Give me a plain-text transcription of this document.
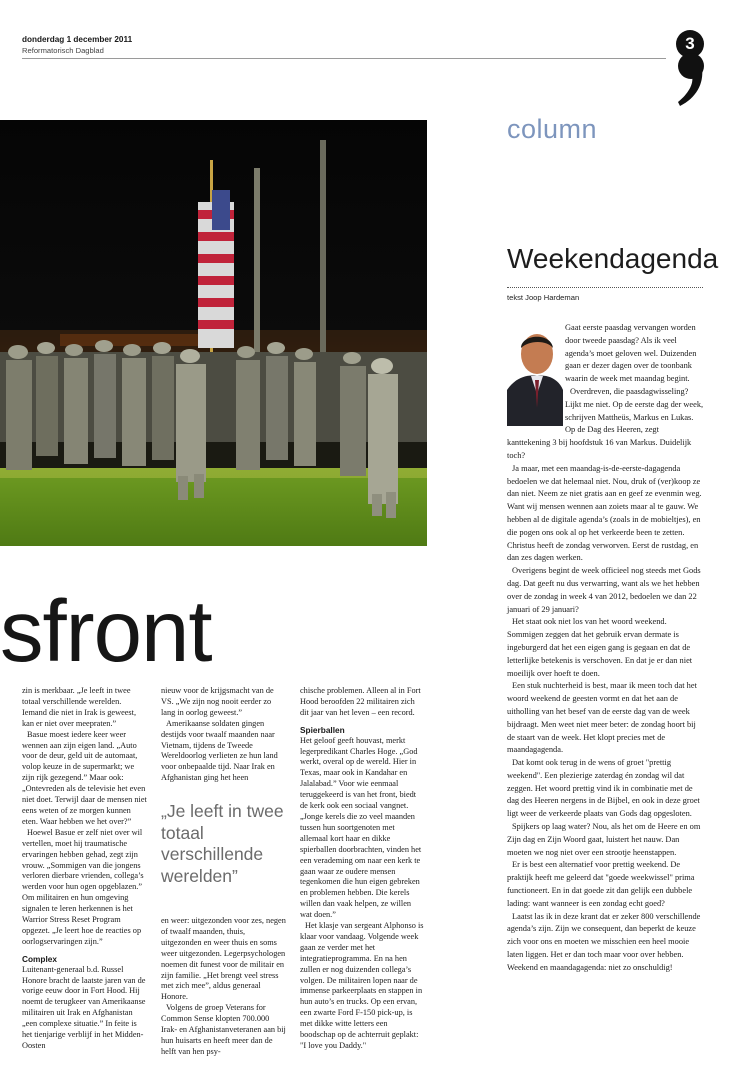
donderdag 1 december 2011
Reformatorisch Dagblad	3
column
Weekendagenda
tekst Joop Hardeman

Gaat eerste paasdag vervangen worden door tweede paasdag? Als ik veel agenda’s moet geloven wel. Duizenden gaan er dezer dagen over de toonbank waarin de week met maandag begint.

Overdreven, die paasdagwisseling? Lijkt me niet. Op de eerste dag der week, schrijven Mattheüs, Markus en Lukas. Op de Dag des Heeren, zegt kanttekening 3 bij hoofdstuk 16 van Markus. Duidelijk toch?

Ja maar, met een maandag-is-de-eerste-dagagenda bedoelen we dat helemaal niet. Nou, druk of (ver)koop ze dan niet. Neem ze niet gratis aan en geef ze evenmin weg. Want wij mensen wennen aan zoiets maar al te gauw. We hebben al de digitale agenda’s (zoals in de mobieltjes), en die pogen ons ook al op het verkeerde been te zetten. Christus heeft de zondag verworven. Eerst de rustdag, en dan zes dagen werken.

Overigens begint de week officieel nog steeds met Gods dag. Dat geeft nu dus verwarring, want als we het hebben over de zondag in week 4 van 2012, bedoelen we dan 22 januari of 29 januari?

Het staat ook niet los van het woord weekend. Sommigen zeggen dat het gebruik ervan dermate is ingeburgerd dat het een eigen gang is gegaan en dat de letterlijke betekenis is verschoven. En dat je er dan niet moeilijk over hoeft te doen.

Een stuk nuchterheid is best, maar ik meen toch dat het woord weekend de geesten vormt en dat het aan de uitholling van het besef van de eerste dag van de week bijdraagt. Men weet niet meer beter: de zondag hoort bij de staart van de week. Het klopt precies met de maandagagenda.

Dat komt ook terug in de wens of groet "prettig weekend". Een plezierige zaterdag én zondag wil dat zeggen. Het woord prettig vind ik in combinatie met de dag des Heeren nergens in de Bijbel, en ook in deze groet ligt weer de verkeerde plaats van Gods dag opgesloten.

Spijkers op laag water? Nou, als het om de Heere en om Zijn dag en Zijn Woord gaat, luistert het nauw. Dan moeten we nog niet over een strootje heenstappen.

Er is best een alternatief voor prettig weekend. De praktijk heeft me geleerd dat "goede weekwissel" prima functioneert. En in dat goede zit dan gelijk een dubbele lading: want wanneer is een zondag echt goed?

Laatst las ik in deze krant dat er zeker 800 verschillende agenda’s zijn. Zijn we consequent, dan beperkt de keuze zich voor ons en moeten we misschien een heel mooie laten liggen. Het er dan toch maar voor over hebben. Weekend en maandagagenda: niet zo onschuldig!

sfront

zin is merkbaar. „Je leeft in twee totaal verschillende werelden. Iemand die niet in Irak is geweest, kan er niet over meepraten.”

Basue moest iedere keer weer wennen aan zijn eigen land. „Auto voor de deur, geld uit de automaat, volop keuze in de supermarkt; we zijn rijk gezegend.” Maar ook: „Ontevreden als de televisie het even niet doet. Terwijl daar de mensen niet eens weten of ze morgen kunnen eten. Waar hebben we het over?”

Hoewel Basue er zelf niet over wil vertellen, moet hij traumatische ervaringen hebben gehad, zegt zijn vrouw. „Sommigen van die jongens verloren dierbare vrienden, collega’s werden voor hun ogen opgeblazen.” Om militairen en hun omgeving signalen te leren herkennen is het Warrior Stress Reset Program opgezet. „Je leert hoe de reacties op oorlogservaringen zijn.”

Complex

Luitenant-generaal b.d. Russel Honore bracht de laatste jaren van de vorige eeuw door in Fort Hood. Hij noemt de terugkeer van Amerikaanse militairen uit Irak en Afghanistan „een complexe situatie.” In feite is het tienjarige verblijf in het Midden-Oosten

nieuw voor de krijgsmacht van de VS. „We zijn nog nooit eerder zo lang in oorlog geweest.”

Amerikaanse soldaten gingen destijds voor twaalf maanden naar Vietnam, tijdens de Tweede Wereldoorlog verlieten ze hun land voor onbepaalde tijd. Naar Irak en Afghanistan ging het heen

„Je leeft in twee totaal verschillende werelden”

en weer: uitgezonden voor zes, negen of twaalf maanden, thuis, uitgezonden en weer thuis en soms weer uitgezonden. Legerpsychologen noemen dit funest voor de militair en zijn familie. „Het brengt veel stress met zich mee”, aldus generaal Honore.

Volgens de groep Veterans for Common Sense klopten 700.000 Irak- en Afghanistanveteranen aan bij hun huisarts en heeft meer dan de helft van hen psy-

chische problemen. Alleen al in Fort Hood beroofden 22 militairen zich dit jaar van het leven – een record.

Spierballen

Het geloof geeft houvast, merkt legerpredikant Charles Hoge. „God werkt, overal op de wereld. Hier in Texas, maar ook in Kandahar en Jalalabad.” Voor wie eenmaal teruggekeerd is van het front, biedt de kerk ook een sociaal vangnet. „Jonge kerels die zo veel maanden tussen hun soortgenoten met allemaal kort haar en dikke spierballen doorbrachten, vinden het een verademing om naar een kerk te gaan waar ze oudere mensen tegenkomen die hun eigen gebreken en problemen hebben. Die kerels willen dan vaak helpen, ze willen wat doen.”

Het klasje van sergeant Alphonso is klaar voor vandaag. Volgende week gaan ze verder met het integratieprogramma. En na hen zullen er nog duizenden collega’s volgen. De militairen lopen naar de immense parkeerplaats en stappen in hun auto’s en trucks. Op een ervan, een zwarte Ford F-150 pick-up, is met dikke witte letters een boodschap op de achterruit geplakt: "I love you Daddy."
